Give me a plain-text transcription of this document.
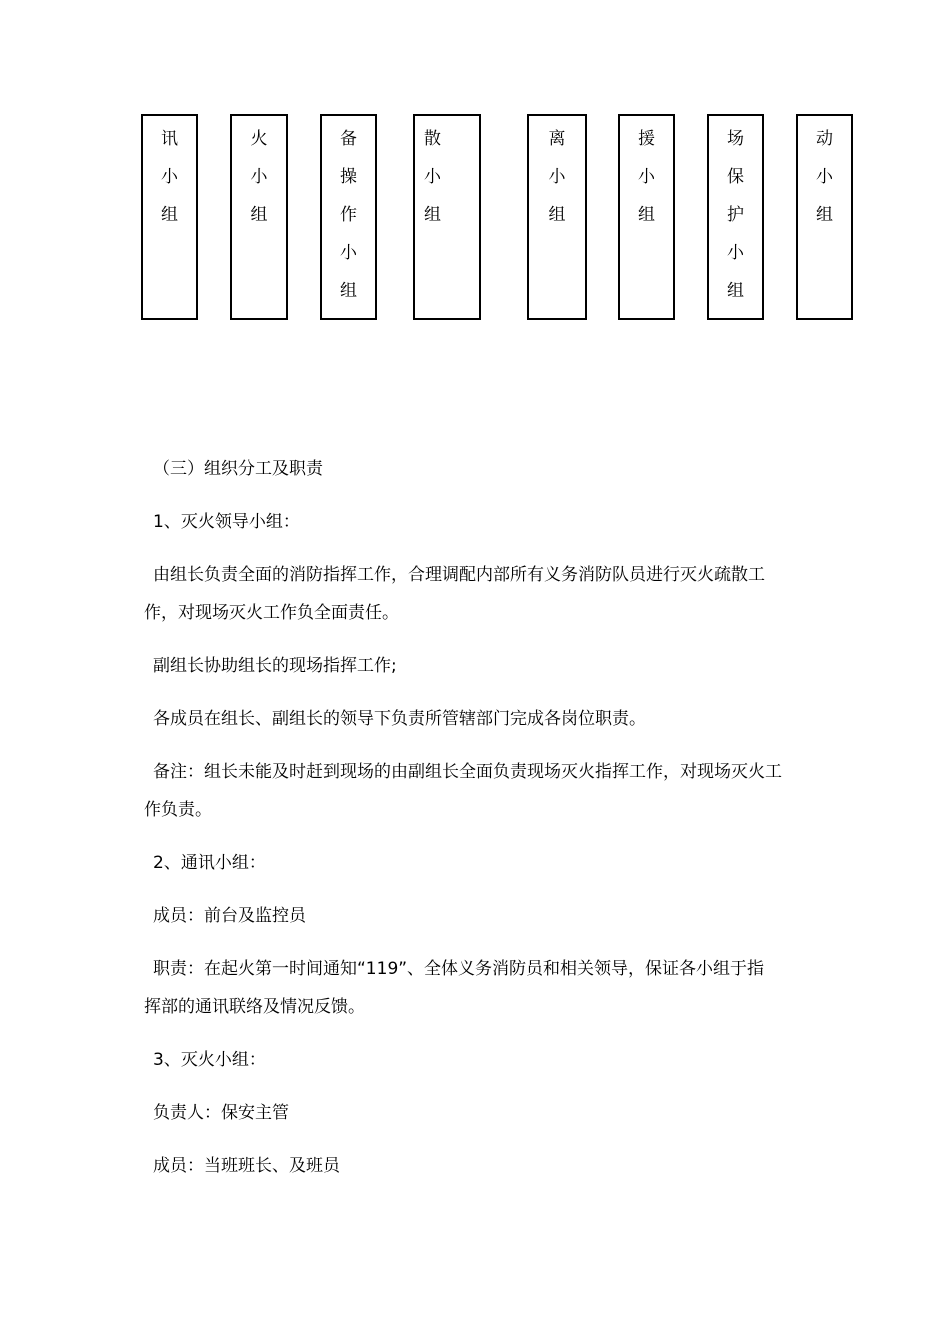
讯
小
组
火
小
组
备
操
作
小
组
散
小
组
离
小
组
援
小
组
场
保
护
小
组
动
小
组

（三）组织分工及职责

1、灭火领导小组：

由组长负责全面的消防指挥工作，合理调配内部所有义务消防队员进行灭火疏散工

作，对现场灭火工作负全面责任。

副组长协助组长的现场指挥工作;

各成员在组长、副组长的领导下负责所管辖部门完成各岗位职责。

备注：组长未能及时赶到现场的由副组长全面负责现场灭火指挥工作，对现场灭火工

作负责。

2、通讯小组：

成员：前台及监控员

职责：在起火第一时间通知“119”、全体义务消防员和相关领导，保证各小组于指

挥部的通讯联络及情况反馈。

3、灭火小组：

负责人：保安主管

成员：当班班长、及班员
